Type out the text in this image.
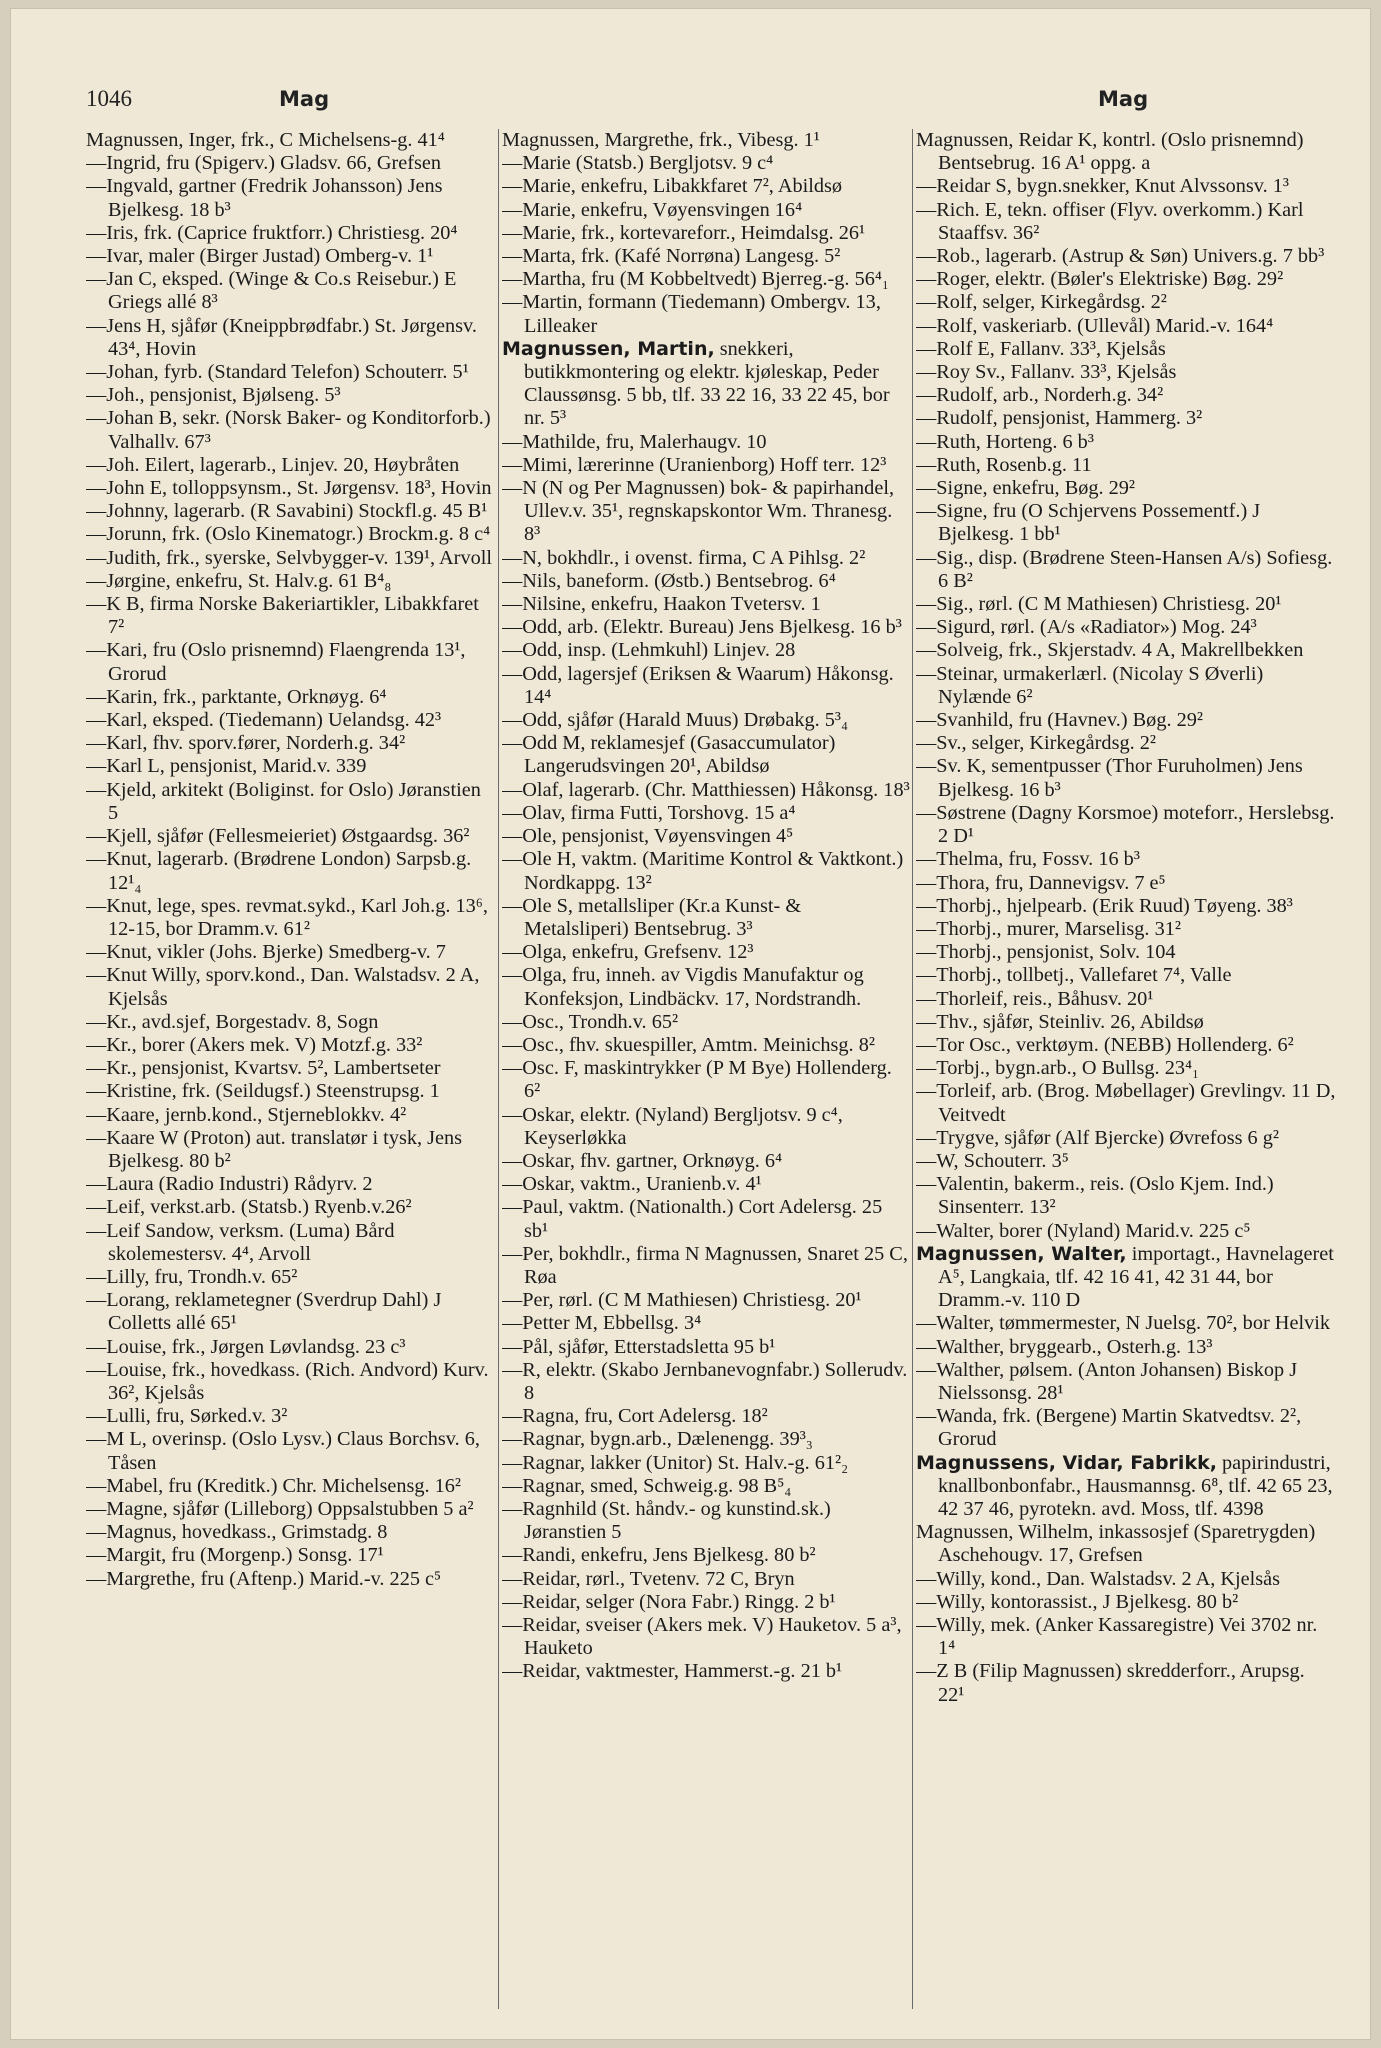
1046	Mag	Mag

Magnussen, Inger, frk., C Michelsens-g. 41⁴

—Ingrid, fru (Spigerv.) Gladsv. 66, Grefsen

—Ingvald, gartner (Fredrik Johansson) Jens Bjelkesg. 18 b³

—Iris, frk. (Caprice fruktforr.) Christiesg. 20⁴

—Ivar, maler (Birger Justad) Omberg-v. 1¹

—Jan C, eksped. (Winge & Co.s Reisebur.) E Griegs allé 8³

—Jens H, sjåfør (Kneippbrødfabr.) St. Jørgensv. 43⁴, Hovin

—Johan, fyrb. (Standard Telefon) Schouterr. 5¹

—Joh., pensjonist, Bjølseng. 5³

—Johan B, sekr. (Norsk Baker- og Konditorforb.) Valhallv. 67³

—Joh. Eilert, lagerarb., Linjev. 20, Høybråten

—John E, tolloppsynsm., St. Jørgensv. 18³, Hovin

—Johnny, lagerarb. (R Savabini) Stockfl.g. 45 B¹

—Jorunn, frk. (Oslo Kinematogr.) Brockm.g. 8 c⁴

—Judith, frk., syerske, Selvbygger-v. 139¹, Arvoll

—Jørgine, enkefru, St. Halv.g. 61 B⁴₈

—K B, firma Norske Bakeriartikler, Libakkfaret 7²

—Kari, fru (Oslo prisnemnd) Flaengrenda 13¹, Grorud

—Karin, frk., parktante, Orknøyg. 6⁴

—Karl, eksped. (Tiedemann) Uelandsg. 42³

—Karl, fhv. sporv.fører, Norderh.g. 34²

—Karl L, pensjonist, Marid.v. 339

—Kjeld, arkitekt (Boliginst. for Oslo) Jøranstien 5

—Kjell, sjåfør (Fellesmeieriet) Østgaardsg. 36²

—Knut, lagerarb. (Brødrene London) Sarpsb.g. 12¹₄

—Knut, lege, spes. revmat.sykd., Karl Joh.g. 13⁶, 12-15, bor Dramm.v. 61²

—Knut, vikler (Johs. Bjerke) Smedberg-v. 7

—Knut Willy, sporv.kond., Dan. Walstadsv. 2 A, Kjelsås

—Kr., avd.sjef, Borgestadv. 8, Sogn

—Kr., borer (Akers mek. V) Motzf.g. 33²

—Kr., pensjonist, Kvartsv. 5², Lambertseter

—Kristine, frk. (Seildugsf.) Steenstrupsg. 1

—Kaare, jernb.kond., Stjerneblokkv. 4²

—Kaare W (Proton) aut. translatør i tysk, Jens Bjelkesg. 80 b²

—Laura (Radio Industri) Rådyrv. 2

—Leif, verkst.arb. (Statsb.) Ryenb.v.26²

—Leif Sandow, verksm. (Luma) Bård skolemestersv. 4⁴, Arvoll

—Lilly, fru, Trondh.v. 65²

—Lorang, reklametegner (Sverdrup Dahl) J Colletts allé 65¹

—Louise, frk., Jørgen Løvlandsg. 23 c³

—Louise, frk., hovedkass. (Rich. Andvord) Kurv. 36², Kjelsås

—Lulli, fru, Sørked.v. 3²

—M L, overinsp. (Oslo Lysv.) Claus Borchsv. 6, Tåsen

—Mabel, fru (Kreditk.) Chr. Michelsensg. 16²

—Magne, sjåfør (Lilleborg) Oppsalstubben 5 a²

—Magnus, hovedkass., Grimstadg. 8

—Margit, fru (Morgenp.) Sonsg. 17¹

—Margrethe, fru (Aftenp.) Marid.-v. 225 c⁵

Magnussen, Margrethe, frk., Vibesg. 1¹

—Marie (Statsb.) Bergljotsv. 9 c⁴

—Marie, enkefru, Libakkfaret 7², Abildsø

—Marie, enkefru, Vøyensvingen 16⁴

—Marie, frk., kortevareforr., Heimdalsg. 26¹

—Marta, frk. (Kafé Norrøna) Langesg. 5²

—Martha, fru (M Kobbeltvedt) Bjerreg.-g. 56⁴₁

—Martin, formann (Tiedemann) Ombergv. 13, Lilleaker

Magnussen, Martin, snekkeri, butikkmontering og elektr. kjøleskap, Peder Claussønsg. 5 bb, tlf. 33 22 16, 33 22 45, bor nr. 5³

—Mathilde, fru, Malerhaugv. 10

—Mimi, lærerinne (Uranienborg) Hoff terr. 12³

—N (N og Per Magnussen) bok- & papirhandel, Ullev.v. 35¹, regnskapskontor Wm. Thranesg. 8³

—N, bokhdlr., i ovenst. firma, C A Pihlsg. 2²

—Nils, baneform. (Østb.) Bentsebrog. 6⁴

—Nilsine, enkefru, Haakon Tvetersv. 1

—Odd, arb. (Elektr. Bureau) Jens Bjelkesg. 16 b³

—Odd, insp. (Lehmkuhl) Linjev. 28

—Odd, lagersjef (Eriksen & Waarum) Håkonsg. 14⁴

—Odd, sjåfør (Harald Muus) Drøbakg. 5³₄

—Odd M, reklamesjef (Gasaccumulator) Langerudsvingen 20¹, Abildsø

—Olaf, lagerarb. (Chr. Matthiessen) Håkonsg. 18³

—Olav, firma Futti, Torshovg. 15 a⁴

—Ole, pensjonist, Vøyensvingen 4⁵

—Ole H, vaktm. (Maritime Kontrol & Vaktkont.) Nordkappg. 13²

—Ole S, metallsliper (Kr.a Kunst- & Metalsliperi) Bentsebrug. 3³

—Olga, enkefru, Grefsenv. 12³

—Olga, fru, inneh. av Vigdis Manufaktur og Konfeksjon, Lindbäckv. 17, Nordstrandh.

—Osc., Trondh.v. 65²

—Osc., fhv. skuespiller, Amtm. Meinichsg. 8²

—Osc. F, maskintrykker (P M Bye) Hollenderg. 6²

—Oskar, elektr. (Nyland) Bergljotsv. 9 c⁴, Keyserløkka

—Oskar, fhv. gartner, Orknøyg. 6⁴

—Oskar, vaktm., Uranienb.v. 4¹

—Paul, vaktm. (Nationalth.) Cort Adelersg. 25 sb¹

—Per, bokhdlr., firma N Magnussen, Snaret 25 C, Røa

—Per, rørl. (C M Mathiesen) Christiesg. 20¹

—Petter M, Ebbellsg. 3⁴

—Pål, sjåfør, Etterstadsletta 95 b¹

—R, elektr. (Skabo Jernbanevognfabr.) Sollerudv. 8

—Ragna, fru, Cort Adelersg. 18²

—Ragnar, bygn.arb., Dælenengg. 39³₃

—Ragnar, lakker (Unitor) St. Halv.-g. 61²₂

—Ragnar, smed, Schweig.g. 98 B⁵₄

—Ragnhild (St. håndv.- og kunstind.sk.) Jøranstien 5

—Randi, enkefru, Jens Bjelkesg. 80 b²

—Reidar, rørl., Tvetenv. 72 C, Bryn

—Reidar, selger (Nora Fabr.) Ringg. 2 b¹

—Reidar, sveiser (Akers mek. V) Hauketov. 5 a³, Hauketo

—Reidar, vaktmester, Hammerst.-g. 21 b¹

Magnussen, Reidar K, kontrl. (Oslo prisnemnd) Bentsebrug. 16 A¹ oppg. a

—Reidar S, bygn.snekker, Knut Alvssonsv. 1³

—Rich. E, tekn. offiser (Flyv. overkomm.) Karl Staaffsv. 36²

—Rob., lagerarb. (Astrup & Søn) Univers.g. 7 bb³

—Roger, elektr. (Bøler's Elektriske) Bøg. 29²

—Rolf, selger, Kirkegårdsg. 2²

—Rolf, vaskeriarb. (Ullevål) Marid.-v. 164⁴

—Rolf E, Fallanv. 33³, Kjelsås

—Roy Sv., Fallanv. 33³, Kjelsås

—Rudolf, arb., Norderh.g. 34²

—Rudolf, pensjonist, Hammerg. 3²

—Ruth, Horteng. 6 b³

—Ruth, Rosenb.g. 11

—Signe, enkefru, Bøg. 29²

—Signe, fru (O Schjervens Possementf.) J Bjelkesg. 1 bb¹

—Sig., disp. (Brødrene Steen-Hansen A/s) Sofiesg. 6 B²

—Sig., rørl. (C M Mathiesen) Christiesg. 20¹

—Sigurd, rørl. (A/s «Radiator») Mog. 24³

—Solveig, frk., Skjerstadv. 4 A, Makrellbekken

—Steinar, urmakerlærl. (Nicolay S Øverli) Nylænde 6²

—Svanhild, fru (Havnev.) Bøg. 29²

—Sv., selger, Kirkegårdsg. 2²

—Sv. K, sementpusser (Thor Furuholmen) Jens Bjelkesg. 16 b³

—Søstrene (Dagny Korsmoe) moteforr., Herslebsg. 2 D¹

—Thelma, fru, Fossv. 16 b³

—Thora, fru, Dannevigsv. 7 e⁵

—Thorbj., hjelpearb. (Erik Ruud) Tøyeng. 38³

—Thorbj., murer, Marselisg. 31²

—Thorbj., pensjonist, Solv. 104

—Thorbj., tollbetj., Vallefaret 7⁴, Valle

—Thorleif, reis., Båhusv. 20¹

—Thv., sjåfør, Steinliv. 26, Abildsø

—Tor Osc., verktøym. (NEBB) Hollenderg. 6²

—Torbj., bygn.arb., O Bullsg. 23⁴₁

—Torleif, arb. (Brog. Møbellager) Grevlingv. 11 D, Veitvedt

—Trygve, sjåfør (Alf Bjercke) Øvrefoss 6 g²

—W, Schouterr. 3⁵

—Valentin, bakerm., reis. (Oslo Kjem. Ind.) Sinsenterr. 13²

—Walter, borer (Nyland) Marid.v. 225 c⁵

Magnussen, Walter, importagt., Havnelageret A⁵, Langkaia, tlf. 42 16 41, 42 31 44, bor Dramm.-v. 110 D

—Walter, tømmermester, N Juelsg. 70², bor Helvik

—Walther, bryggearb., Osterh.g. 13³

—Walther, pølsem. (Anton Johansen) Biskop J Nielssonsg. 28¹

—Wanda, frk. (Bergene) Martin Skatvedtsv. 2², Grorud

Magnussens, Vidar, Fabrikk, papirindustri, knallbonbonfabr., Hausmannsg. 6⁸, tlf. 42 65 23, 42 37 46, pyrotekn. avd. Moss, tlf. 4398

Magnussen, Wilhelm, inkassosjef (Sparetrygden) Aschehougv. 17, Grefsen

—Willy, kond., Dan. Walstadsv. 2 A, Kjelsås

—Willy, kontorassist., J Bjelkesg. 80 b²

—Willy, mek. (Anker Kassaregistre) Vei 3702 nr. 1⁴

—Z B (Filip Magnussen) skredderforr., Arupsg. 22¹
